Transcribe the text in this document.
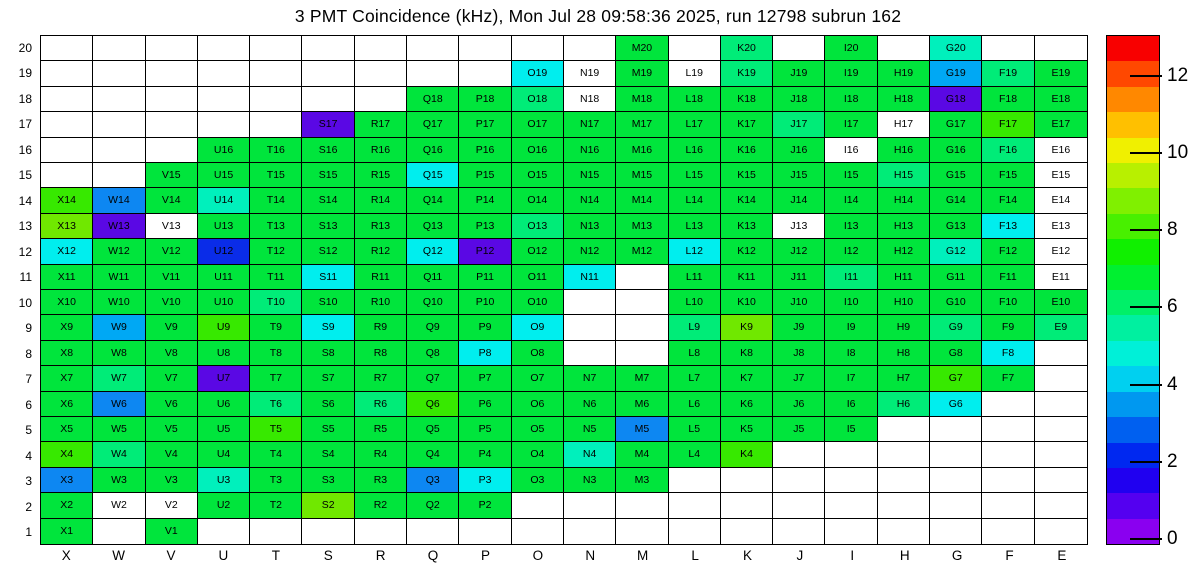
3 PMT Coincidence (kHz), Mon Jul 28 09:58:36 2025, run 12798 subrun 162
20
19
18
17
16
15
14
13
12
11
10
9
8
7
6
5
4
3
2
1
M20	K20	I20	G20
O19	N19	M19	L19	K19	J19	I19	H19	G19	F19	E19
Q18	P18	O18	N18	M18	L18	K18	J18	I18	H18	G18	F18	E18
S17	R17	Q17	P17	O17	N17	M17	L17	K17	J17	I17	H17	G17	F17	E17
U16	T16	S16	R16	Q16	P16	O16	N16	M16	L16	K16	J16	I16	H16	G16	F16	E16
V15	U15	T15	S15	R15	Q15	P15	O15	N15	M15	L15	K15	J15	I15	H15	G15	F15	E15
X14	W14	V14	U14	T14	S14	R14	Q14	P14	O14	N14	M14	L14	K14	J14	I14	H14	G14	F14	E14
X13	W13	V13	U13	T13	S13	R13	Q13	P13	O13	N13	M13	L13	K13	J13	I13	H13	G13	F13	E13
X12	W12	V12	U12	T12	S12	R12	Q12	P12	O12	N12	M12	L12	K12	J12	I12	H12	G12	F12	E12
X11	W11	V11	U11	T11	S11	R11	Q11	P11	O11	N11	L11	K11	J11	I11	H11	G11	F11	E11
X10	W10	V10	U10	T10	S10	R10	Q10	P10	O10	L10	K10	J10	I10	H10	G10	F10	E10
X9	W9	V9	U9	T9	S9	R9	Q9	P9	O9	L9	K9	J9	I9	H9	G9	F9	E9
X8	W8	V8	U8	T8	S8	R8	Q8	P8	O8	L8	K8	J8	I8	H8	G8	F8
X7	W7	V7	U7	T7	S7	R7	Q7	P7	O7	N7	M7	L7	K7	J7	I7	H7	G7	F7
X6	W6	V6	U6	T6	S6	R6	Q6	P6	O6	N6	M6	L6	K6	J6	I6	H6	G6
X5	W5	V5	U5	T5	S5	R5	Q5	P5	O5	N5	M5	L5	K5	J5	I5
X4	W4	V4	U4	T4	S4	R4	Q4	P4	O4	N4	M4	L4	K4
X3	W3	V3	U3	T3	S3	R3	Q3	P3	O3	N3	M3
X2	W2	V2	U2	T2	S2	R2	Q2	P2
X1	V1
X	W	V	U	T	S	R	Q	P	O	N	M	L	K	J	I	H	G	F	E
0
2
4
6
8
10
12
